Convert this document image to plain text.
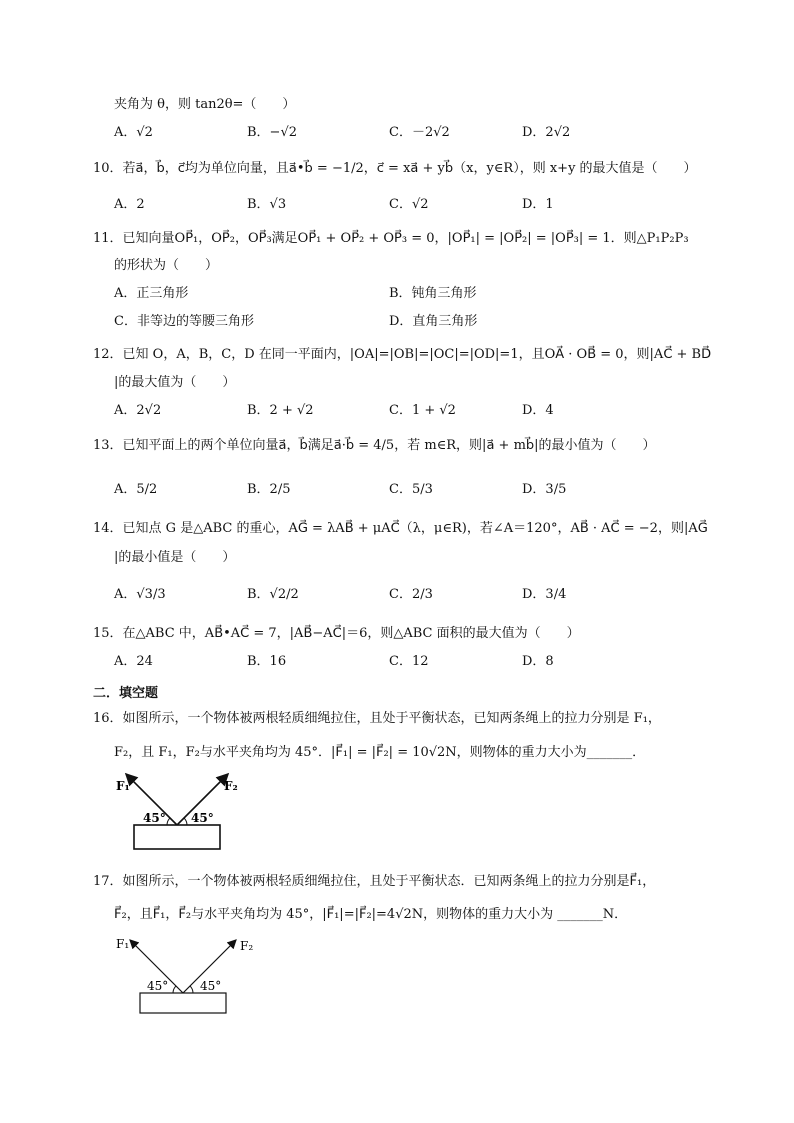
夹角为 θ，则 tan2θ=（　　）
A．√2	B．−√2	C．－2√2	D．2√2
10．若a⃗，b⃗，c⃗均为单位向量，且a⃗•b⃗ = −1/2，c⃗ = xa⃗ + yb⃗（x，y∈R），则 x+y 的最大值是（　　）
A．2	B．√3	C．√2	D．1
11．已知向量OP⃗₁，OP⃗₂，OP⃗₃满足OP⃗₁ + OP⃗₂ + OP⃗₃ = 0，|OP⃗₁| = |OP⃗₂| = |OP⃗₃| = 1．则△P₁P₂P₃
的形状为（　　）
A．正三角形	B．钝角三角形
C．非等边的等腰三角形	D．直角三角形
12．已知 O，A，B，C，D 在同一平面内，|OA|=|OB|=|OC|=|OD|=1，且OA⃗ · OB⃗ = 0，则|AC⃗ + BD⃗
|的最大值为（　　）
A．2√2	B．2 + √2	C．1 + √2	D．4
13．已知平面上的两个单位向量a⃗，b⃗满足a⃗·b⃗ = 4/5，若 m∈R，则|a⃗ + mb⃗|的最小值为（　　）
A．5/2	B．2/5	C．5/3	D．3/5
14．已知点 G 是△ABC 的重心，AG⃗ = λAB⃗ + μAC⃗（λ，μ∈R)，若∠A＝120°，AB⃗ · AC⃗ = −2，则|AG⃗
|的最小值是（　　）
A．√3/3	B．√2/2	C．2/3	D．3/4
15．在△ABC 中，AB⃗•AC⃗ = 7，|AB⃗−AC⃗|＝6，则△ABC 面积的最大值为（　　）
A．24	B．16	C．12	D．8
二．填空题
16．如图所示，一个物体被两根轻质细绳拉住，且处于平衡状态，已知两条绳上的拉力分别是 F₁，
F₂，且 F₁，F₂与水平夹角均为 45°．|F⃗₁| = |F⃗₂| = 10√2N，则物体的重力大小为_______．
F₁	F₂
45° 45°
17．如图所示，一个物体被两根轻质细绳拉住，且处于平衡状态．已知两条绳上的拉力分别是F⃗₁，
F⃗₂，且F⃗₁，F⃗₂与水平夹角均为 45°，|F⃗₁|=|F⃗₂|=4√2N，则物体的重力大小为 _______N．
F₁	F₂
45°	45°
